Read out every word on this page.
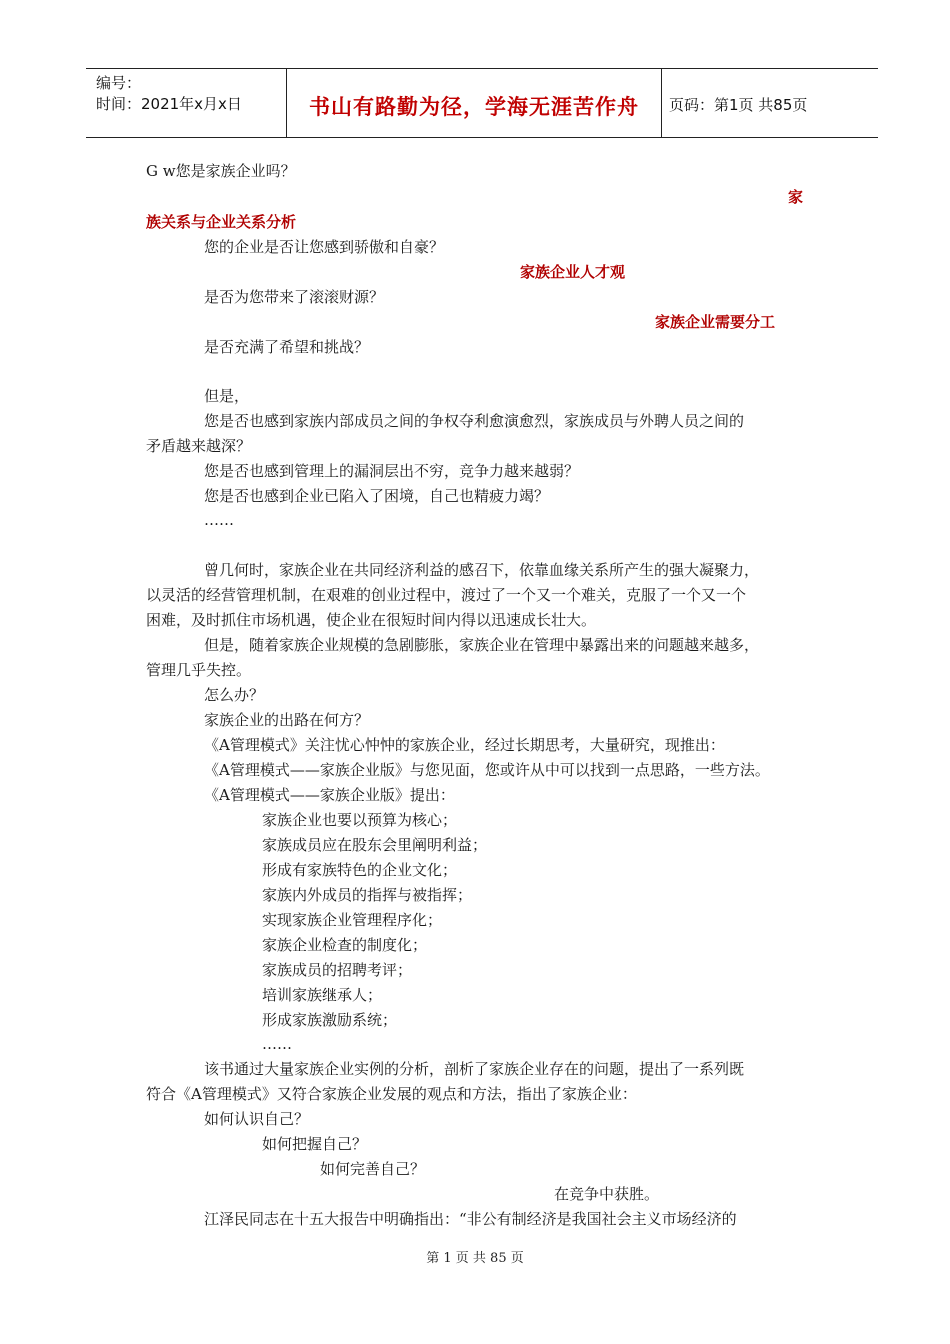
编号：
时间：2021年x月x日	书山有路勤为径，学海无涯苦作舟	页码：第1页 共85页
G w您是家族企业吗？
家
族关系与企业关系分析
您的企业是否让您感到骄傲和自豪？
家族企业人才观
是否为您带来了滚滚财源？
家族企业需要分工
是否充满了希望和挑战？
但是，
您是否也感到家族内部成员之间的争权夺利愈演愈烈，家族成员与外聘人员之间的
矛盾越来越深？
您是否也感到管理上的漏洞层出不穷，竞争力越来越弱？
您是否也感到企业已陷入了困境，自己也精疲力竭？
……
曾几何时，家族企业在共同经济利益的感召下，依靠血缘关系所产生的强大凝聚力，
以灵活的经营管理机制，在艰难的创业过程中，渡过了一个又一个难关，克服了一个又一个
困难，及时抓住市场机遇，使企业在很短时间内得以迅速成长壮大。
但是，随着家族企业规模的急剧膨胀，家族企业在管理中暴露出来的问题越来越多，
管理几乎失控。
怎么办？
家族企业的出路在何方？
《A管理模式》关注忧心忡忡的家族企业，经过长期思考，大量研究，现推出：
《A管理模式——家族企业版》与您见面，您或许从中可以找到一点思路，一些方法。
《A管理模式——家族企业版》提出：
家族企业也要以预算为核心；
家族成员应在股东会里阐明利益；
形成有家族特色的企业文化；
家族内外成员的指挥与被指挥；
实现家族企业管理程序化；
家族企业检查的制度化；
家族成员的招聘考评；
培训家族继承人；
形成家族激励系统；
……
该书通过大量家族企业实例的分析，剖析了家族企业存在的问题，提出了一系列既
符合《A管理模式》又符合家族企业发展的观点和方法，指出了家族企业：
如何认识自己？
如何把握自己？
如何完善自己？
在竞争中获胜。
江泽民同志在十五大报告中明确指出：“非公有制经济是我国社会主义市场经济的
第 1 页 共 85 页
